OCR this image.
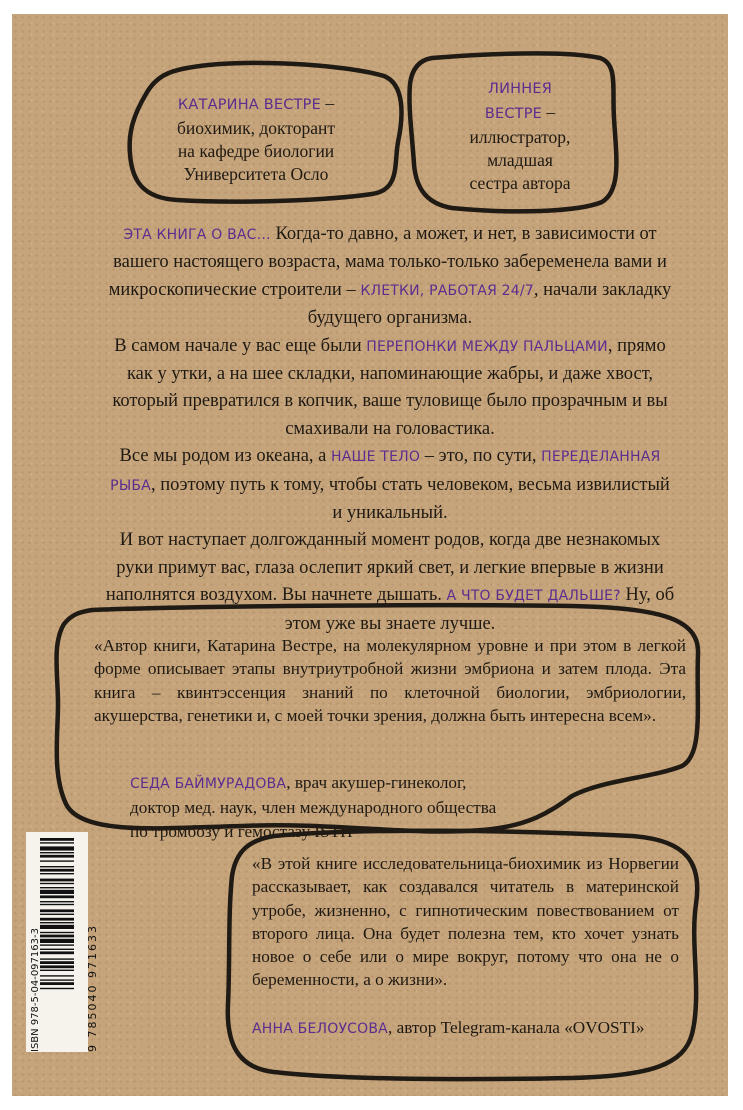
КАТАРИНА ВЕСТРЕ –
биохимик, докторант
на кафедре биологии
Университета Осло
ЛИННЕЯ
ВЕСТРЕ –
иллюстратор,
младшая
сестра автора
ЭТА КНИГА О ВАС… Когда-то давно, а может, и нет, в зависимости от вашего настоящего возраста, мама только-только забеременела вами и микроскопические строители – КЛЕТКИ, РАБОТАЯ 24/7, начали закладку будущего организма.
В самом начале у вас еще были ПЕРЕПОНКИ МЕЖДУ ПАЛЬЦАМИ, прямо как у утки, а на шее складки, напоминающие жабры, и даже хвост, который превратился в копчик, ваше туловище было прозрачным и вы смахивали на головастика.
Все мы родом из океана, а НАШЕ ТЕЛО – это, по сути, ПЕРЕДЕЛАННАЯ РЫБА, поэтому путь к тому, чтобы стать человеком, весьма извилистый и уникальный.
И вот наступает долгожданный момент родов, когда две незнакомых руки примут вас, глаза ослепит яркий свет, и легкие впервые в жизни наполнятся воздухом. Вы начнете дышать. А ЧТО БУДЕТ ДАЛЬШЕ? Ну, об этом уже вы знаете лучше.
«Автор книги, Катарина Вестре, на молекулярном уровне и при этом в легкой форме описывает этапы внутриутробной жизни эмбриона и затем плода. Эта книга – квинтэссенция знаний по клеточной биологии, эмбриологии, акушерства, генетики и, с моей точки зрения, должна быть интересна всем».
СЕДА БАЙМУРАДОВА, врач акушер-гинеколог,
доктор мед. наук, член международного общества
по тромбозу и гемостазу ISTH
«В этой книге исследовательница-биохимик из Норвегии рассказывает, как создавался читатель в материнской утробе, жизненно, с гипнотическим повествованием от второго лица. Она будет полезна тем, кто хочет узнать новое о себе или о мире вокруг, потому что она не о беременности, а о жизни».
АННА БЕЛОУСОВА, автор Telegram-канала «OVOSTI»
ISBN 978-5-04-097163-3	9 785040 971633
